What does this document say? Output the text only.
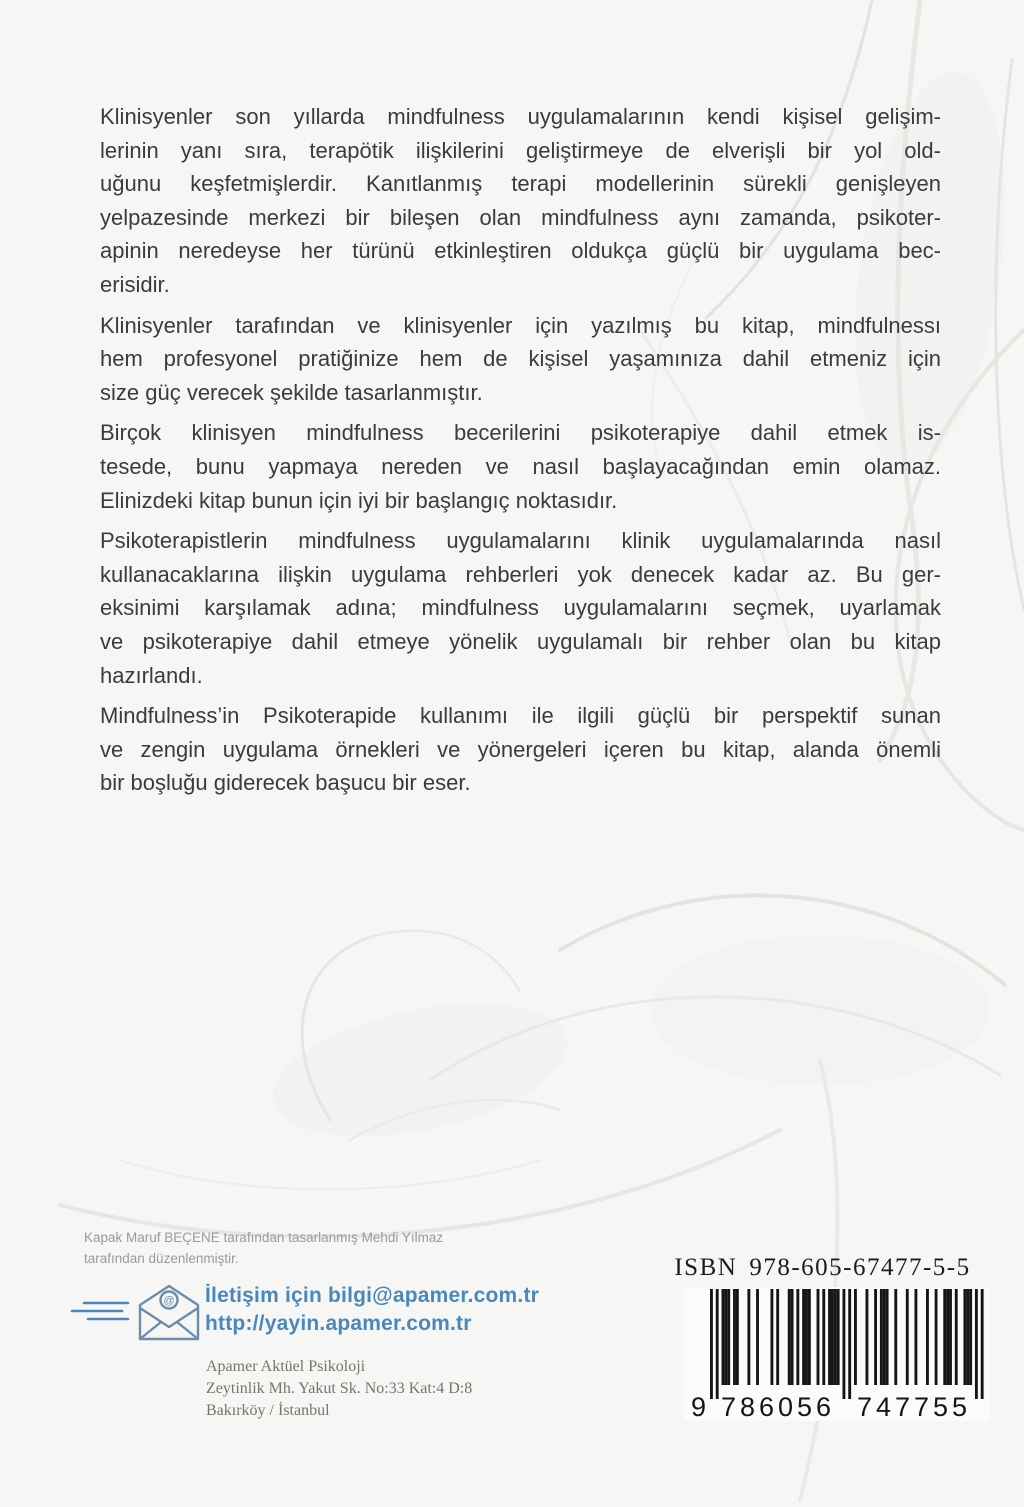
Klinisyenler son yıllarda mindfulness uygulamalarının kendi kişisel gelişim-
lerinin yanı sıra, terapötik ilişkilerini geliştirmeye de elverişli bir yol old-
uğunu keşfetmişlerdir. Kanıtlanmış terapi modellerinin sürekli genişleyen
yelpazesinde merkezi bir bileşen olan mindfulness aynı zamanda, psikoter-
apinin neredeyse her türünü etkinleştiren oldukça güçlü bir uygulama bec-
erisidir.
Klinisyenler tarafından ve klinisyenler için yazılmış bu kitap, mindfulnessı
hem profesyonel pratiğinize hem de kişisel yaşamınıza dahil etmeniz için
size güç verecek şekilde tasarlanmıştır.
Birçok klinisyen mindfulness becerilerini psikoterapiye dahil etmek is-
tesede, bunu yapmaya nereden ve nasıl başlayacağından emin olamaz.
Elinizdeki kitap bunun için iyi bir başlangıç noktasıdır.
Psikoterapistlerin mindfulness uygulamalarını klinik uygulamalarında nasıl
kullanacaklarına ilişkin uygulama rehberleri yok denecek kadar az. Bu ger-
eksinimi karşılamak adına; mindfulness uygulamalarını seçmek, uyarlamak
ve psikoterapiye dahil etmeye yönelik uygulamalı bir rehber olan bu kitap
hazırlandı.
Mindfulness’in Psikoterapide kullanımı ile ilgili güçlü bir perspektif sunan
ve zengin uygulama örnekleri ve yönergeleri içeren bu kitap, alanda önemli
bir boşluğu giderecek başucu bir eser.
Kapak Maruf BEÇENE tarafından tasarlanmış Mehdi Yılmaz
tarafından düzenlenmiştir.
@ İletişim için bilgi@apamer.com.tr
http://yayin.apamer.com.tr
Apamer Aktüel Psikoloji
Zeytinlik Mh. Yakut Sk. No:33 Kat:4 D:8
Bakırköy / İstanbul
ISBN 978-605-67477-5-5
9 786056 747755
